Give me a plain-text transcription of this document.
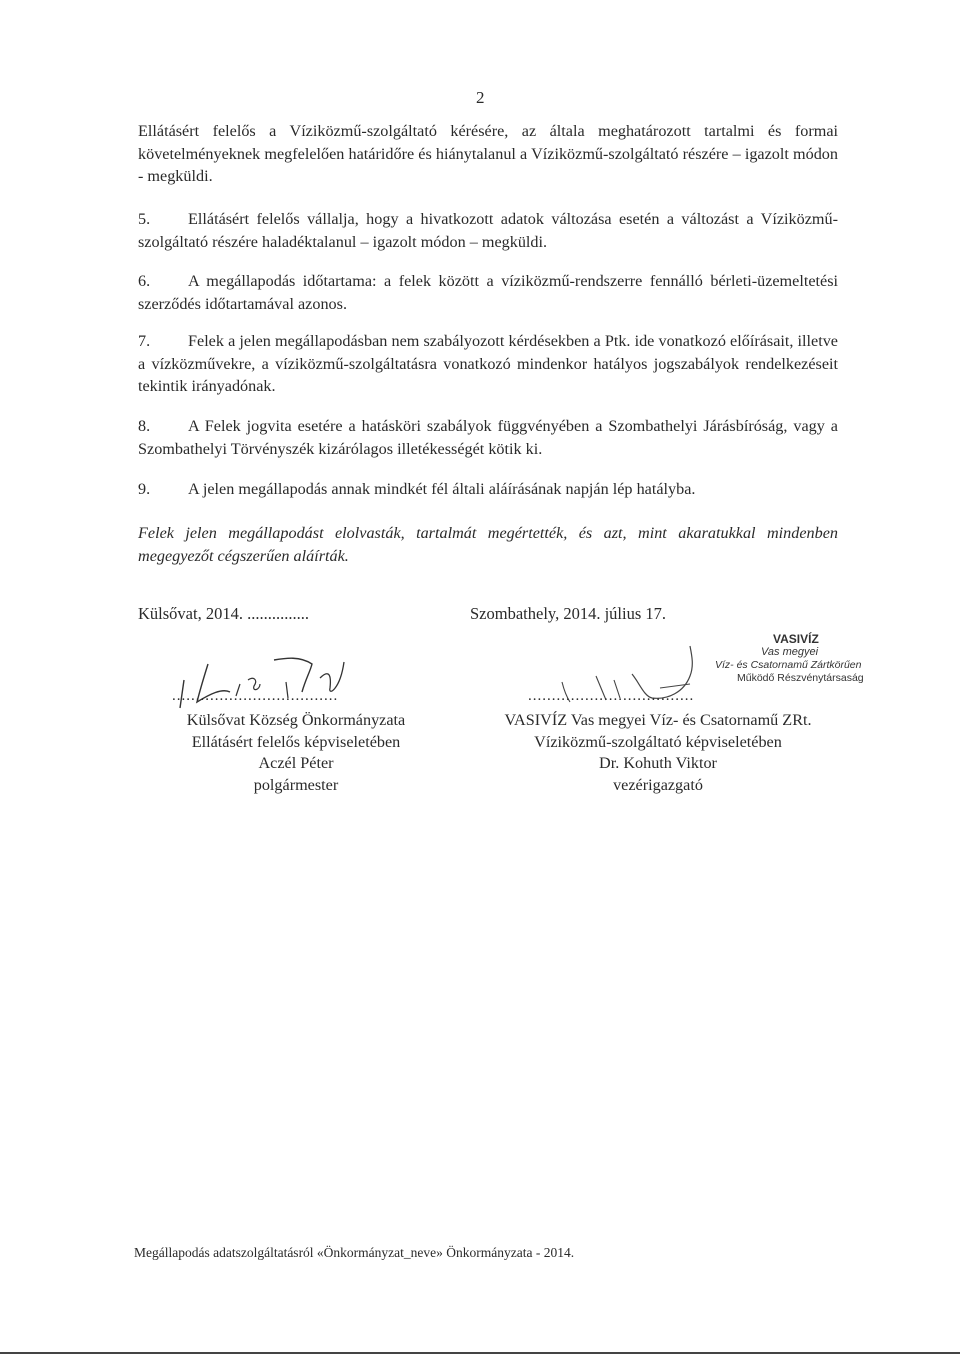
2

Ellátásért felelős a Víziközmű-szolgáltató kérésére, az általa meghatározott tartalmi és formai követelményeknek megfelelően határidőre és hiánytalanul a Víziközmű-szolgáltató részére – igazolt módon - megküldi.

5. Ellátásért felelős vállalja, hogy a hivatkozott adatok változása esetén a változást a Víziközmű-szolgáltató részére haladéktalanul – igazolt módon – megküldi.

6. A megállapodás időtartama: a felek között a víziközmű-rendszerre fennálló bérleti-üzemeltetési szerződés időtartamával azonos.

7. Felek a jelen megállapodásban nem szabályozott kérdésekben a Ptk. ide vonatkozó előírásait, illetve a vízközművekre, a víziközmű-szolgáltatásra vonatkozó mindenkor hatályos jogszabályok rendelkezéseit tekintik irányadónak.

8. A Felek jogvita esetére a hatásköri szabályok függvényében a Szombathelyi Járásbíróság, vagy a Szombathelyi Törvényszék kizárólagos illetékességét kötik ki.

9. A jelen megállapodás annak mindkét fél általi aláírásának napján lép hatályba.

Felek jelen megállapodást elolvasták, tartalmát megértették, és azt, mint akaratukkal mindenben megegyezőt cégszerűen aláírták.

Külsővat, 2014. ...............
...................................
Külsővat Község Önkormányzata
Ellátásért felelős képviseletében
Aczél Péter
polgármester
Szombathely, 2014. július 17.
VASIVÍZ
Vas megyei
Víz- és Csatornamű Zártkörűen
Működő Részvénytársaság
...................................
VASIVÍZ Vas megyei Víz- és Csatornamű ZRt.
Víziközmű-szolgáltató képviseletében
Dr. Kohuth Viktor
vezérigazgató
Megállapodás adatszolgáltatásról «Önkormányzat_neve» Önkormányzata - 2014.
